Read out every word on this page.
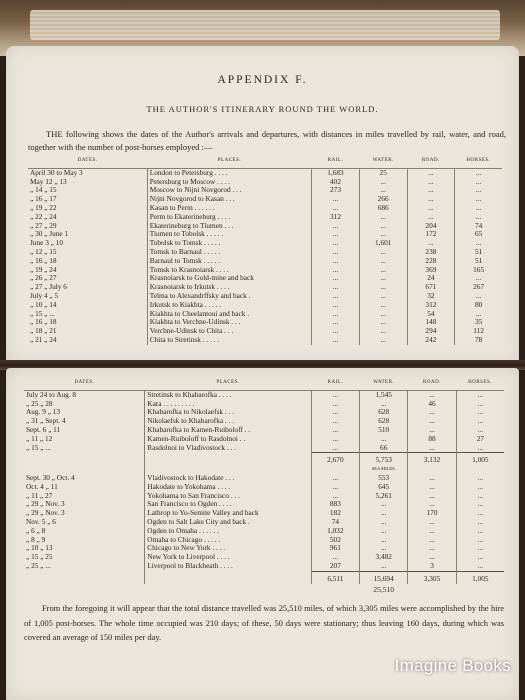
APPENDIX F.
THE AUTHOR'S ITINERARY ROUND THE WORLD.
THE following shows the dates of the Author's arrivals and departures, with distances in miles travelled by rail, water, and road, together with the number of post-horses employed :—
DATES.	PLACES.	RAIL.	WATER.	ROAD.	HORSES.
April 30 to May 3	London to Petersburg . . . .	1,683	25	...	...
May 12 „ 13	Petersburg to Moscow . . . .	402	...	...	...
„ 14 „ 15	Moscow to Nijni Novgorod . . .	273	...	...	...
„ 16 „ 17	Nijni Novgorod to Kasan . . .	...	266	...	...
„ 19 „ 22	Kasan to Perm . . . . . .	...	686	...	...
„ 22 „ 24	Perm to Ekaterineburg . . . .	312	...	...	...
„ 27 „ 29	Ekaterineburg to Tiumen . . .	...	...	204	74
„ 30 „ June 1	Tiumen to Tobolsk . . . . .	...	...	172	65
June 3 „ 10	Tobolsk to Tomsk . . . . .	...	1,601	...	...
„ 12 „ 15	Tomsk to Barnaul . . . . .	...	...	238	51
„ 16 „ 18	Barnaul to Tomsk . . . . .	...	...	228	51
„ 19 „ 24	Tomsk to Krasnoiarsk . . . .	...	...	369	165
„ 26 „ 27	Krasnoiarsk to Gold-mine and back	...	...	24	...
„ 27 „ July 6	Krasnoiarsk to Irkutsk . . . .	...	...	671	267
July 4 „ 5	Telma to Alexandrffsky and back .	...	...	32	...
„ 10 „ 14	Irkutsk to Kiakhta . . . . .	...	...	312	80
„ 15 „ ...	Kiakhta to Cheelantoui and back .	...	...	54	...
„ 16 „ 18	Kiakhta to Verchne-Udinsk . . .	...	...	148	35
„ 18 „ 21	Verchne-Udinsk to Chita . . .	...	...	294	112
„ 21 „ 24	Chita to Stretinsk . . . . .	...	...	242	78
DATES.	PLACES.	RAIL.	WATER.	ROAD.	HORSES.
July 24 to Aug. 8	Stretinsk to Khabarofka . . . .	...	1,545	...	...
„ 25 „ 28	Kara . . . . . . . . .	...	...	46	...
Aug. 9 „ 13	Khabarofka to Nikolaefsk . . .	...	628	...	...
„ 31 „ Sept. 4	Nikolaefsk to Khabarofka . . .	...	628	...	...
Sept. 6 „ 11	Khabarofka to Kamen-Ruiboloff . .	...	510	...	...
„ 11 „ 12	Kamen-Ruiboloff to Rasdolnoi . .	...	...	88	27
„ 15 „ ...	Rasdolnoi to Vladivostock . . .	...	66	...	...
		2,670	5,753	3,132	1,005
			SEA MILES.		
Sept. 30 „ Oct. 4	Vladivostock to Hakodate . . .	...	553	...	...
Oct. 4 „ 11	Hakodate to Yokohama . . . .	...	645	...	...
„ 11 „ 27	Yokohama to San Francisco . . .	...	5,261	...	...
„ 29 „ Nov. 3	San Francisco to Ogden . . . .	883	...	...	...
„ 29 „ Nov. 3	Lathrop to Yo-Semite Valley and back	182	...	170	...
Nov. 5 „ 6	Ogden to Salt Lake City and back .	74	...	...	...
„ 6 „ 8	Ogden to Omaha . . . . . .	1,032	...	...	...
„ 8 „ 9	Omaha to Chicago . . . . .	502	...	...	...
„ 10 „ 13	Chicago to New York . . . .	961	...	...	...
„ 15 „ 25	New York to Liverpool . . . .	...	3,482	...	...
„ 25 „ ...	Liverpool to Blackheath . . . .	207	...	3	...
		6,511	15,694	3,305	1,005
			25,510		
From the foregoing it will appear that the total distance travelled was 25,510 miles, of which 3,305 miles were accomplished by the hire of 1,005 post-horses. The whole time occupied was 210 days; of these, 50 days were stationary; thus leaving 160 days, during which was covered an average of 150 miles per day.
Imagine Books
